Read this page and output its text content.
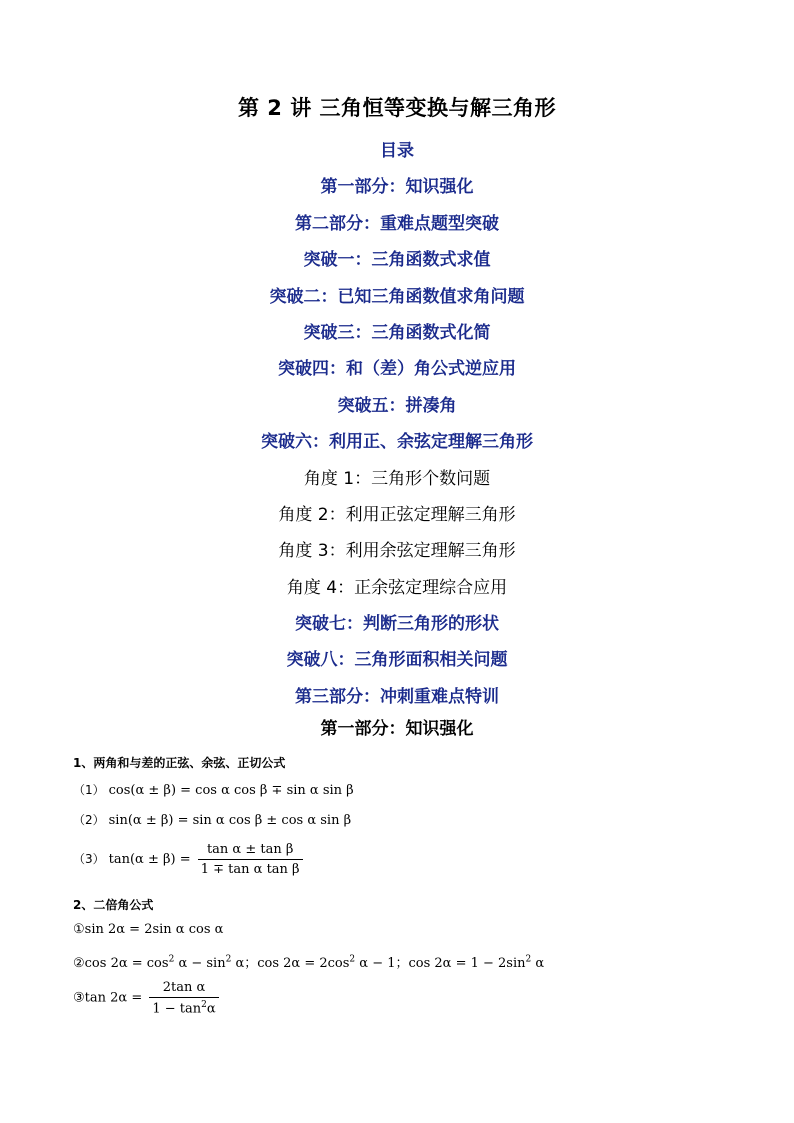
第 2 讲 三角恒等变换与解三角形
目录
第一部分：知识强化
第二部分：重难点题型突破
突破一：三角函数式求值
突破二：已知三角函数值求角问题
突破三：三角函数式化简
突破四：和（差）角公式逆应用
突破五：拼凑角
突破六：利用正、余弦定理解三角形
角度 1：三角形个数问题
角度 2：利用正弦定理解三角形
角度 3：利用余弦定理解三角形
角度 4：正余弦定理综合应用
突破七：判断三角形的形状
突破八：三角形面积相关问题
第三部分：冲刺重难点特训
第一部分：知识强化
1、两角和与差的正弦、余弦、正切公式
（1） cos(α ± β) = cos α cos β ∓ sin α sin β
（2） sin(α ± β) = sin α cos β ± cos α sin β
（3） $\tan(\alpha \pm \beta) = \frac{\text{tan α ± tan β}}{\text{1 ∓ tan α tan β}}$
2、二倍角公式
①sin 2α = 2sin α cos α
②cos $2\alpha = \cos^2 \alpha - \sin^2 \alpha$；$\cos 2\alpha = 2\cos^2$ α − 1；$\cos 2\alpha = 1 - 2\sin^2$ α
③tan $2\alpha = \frac{\text{2tan α}}{1 - \tan^2\alpha}$
